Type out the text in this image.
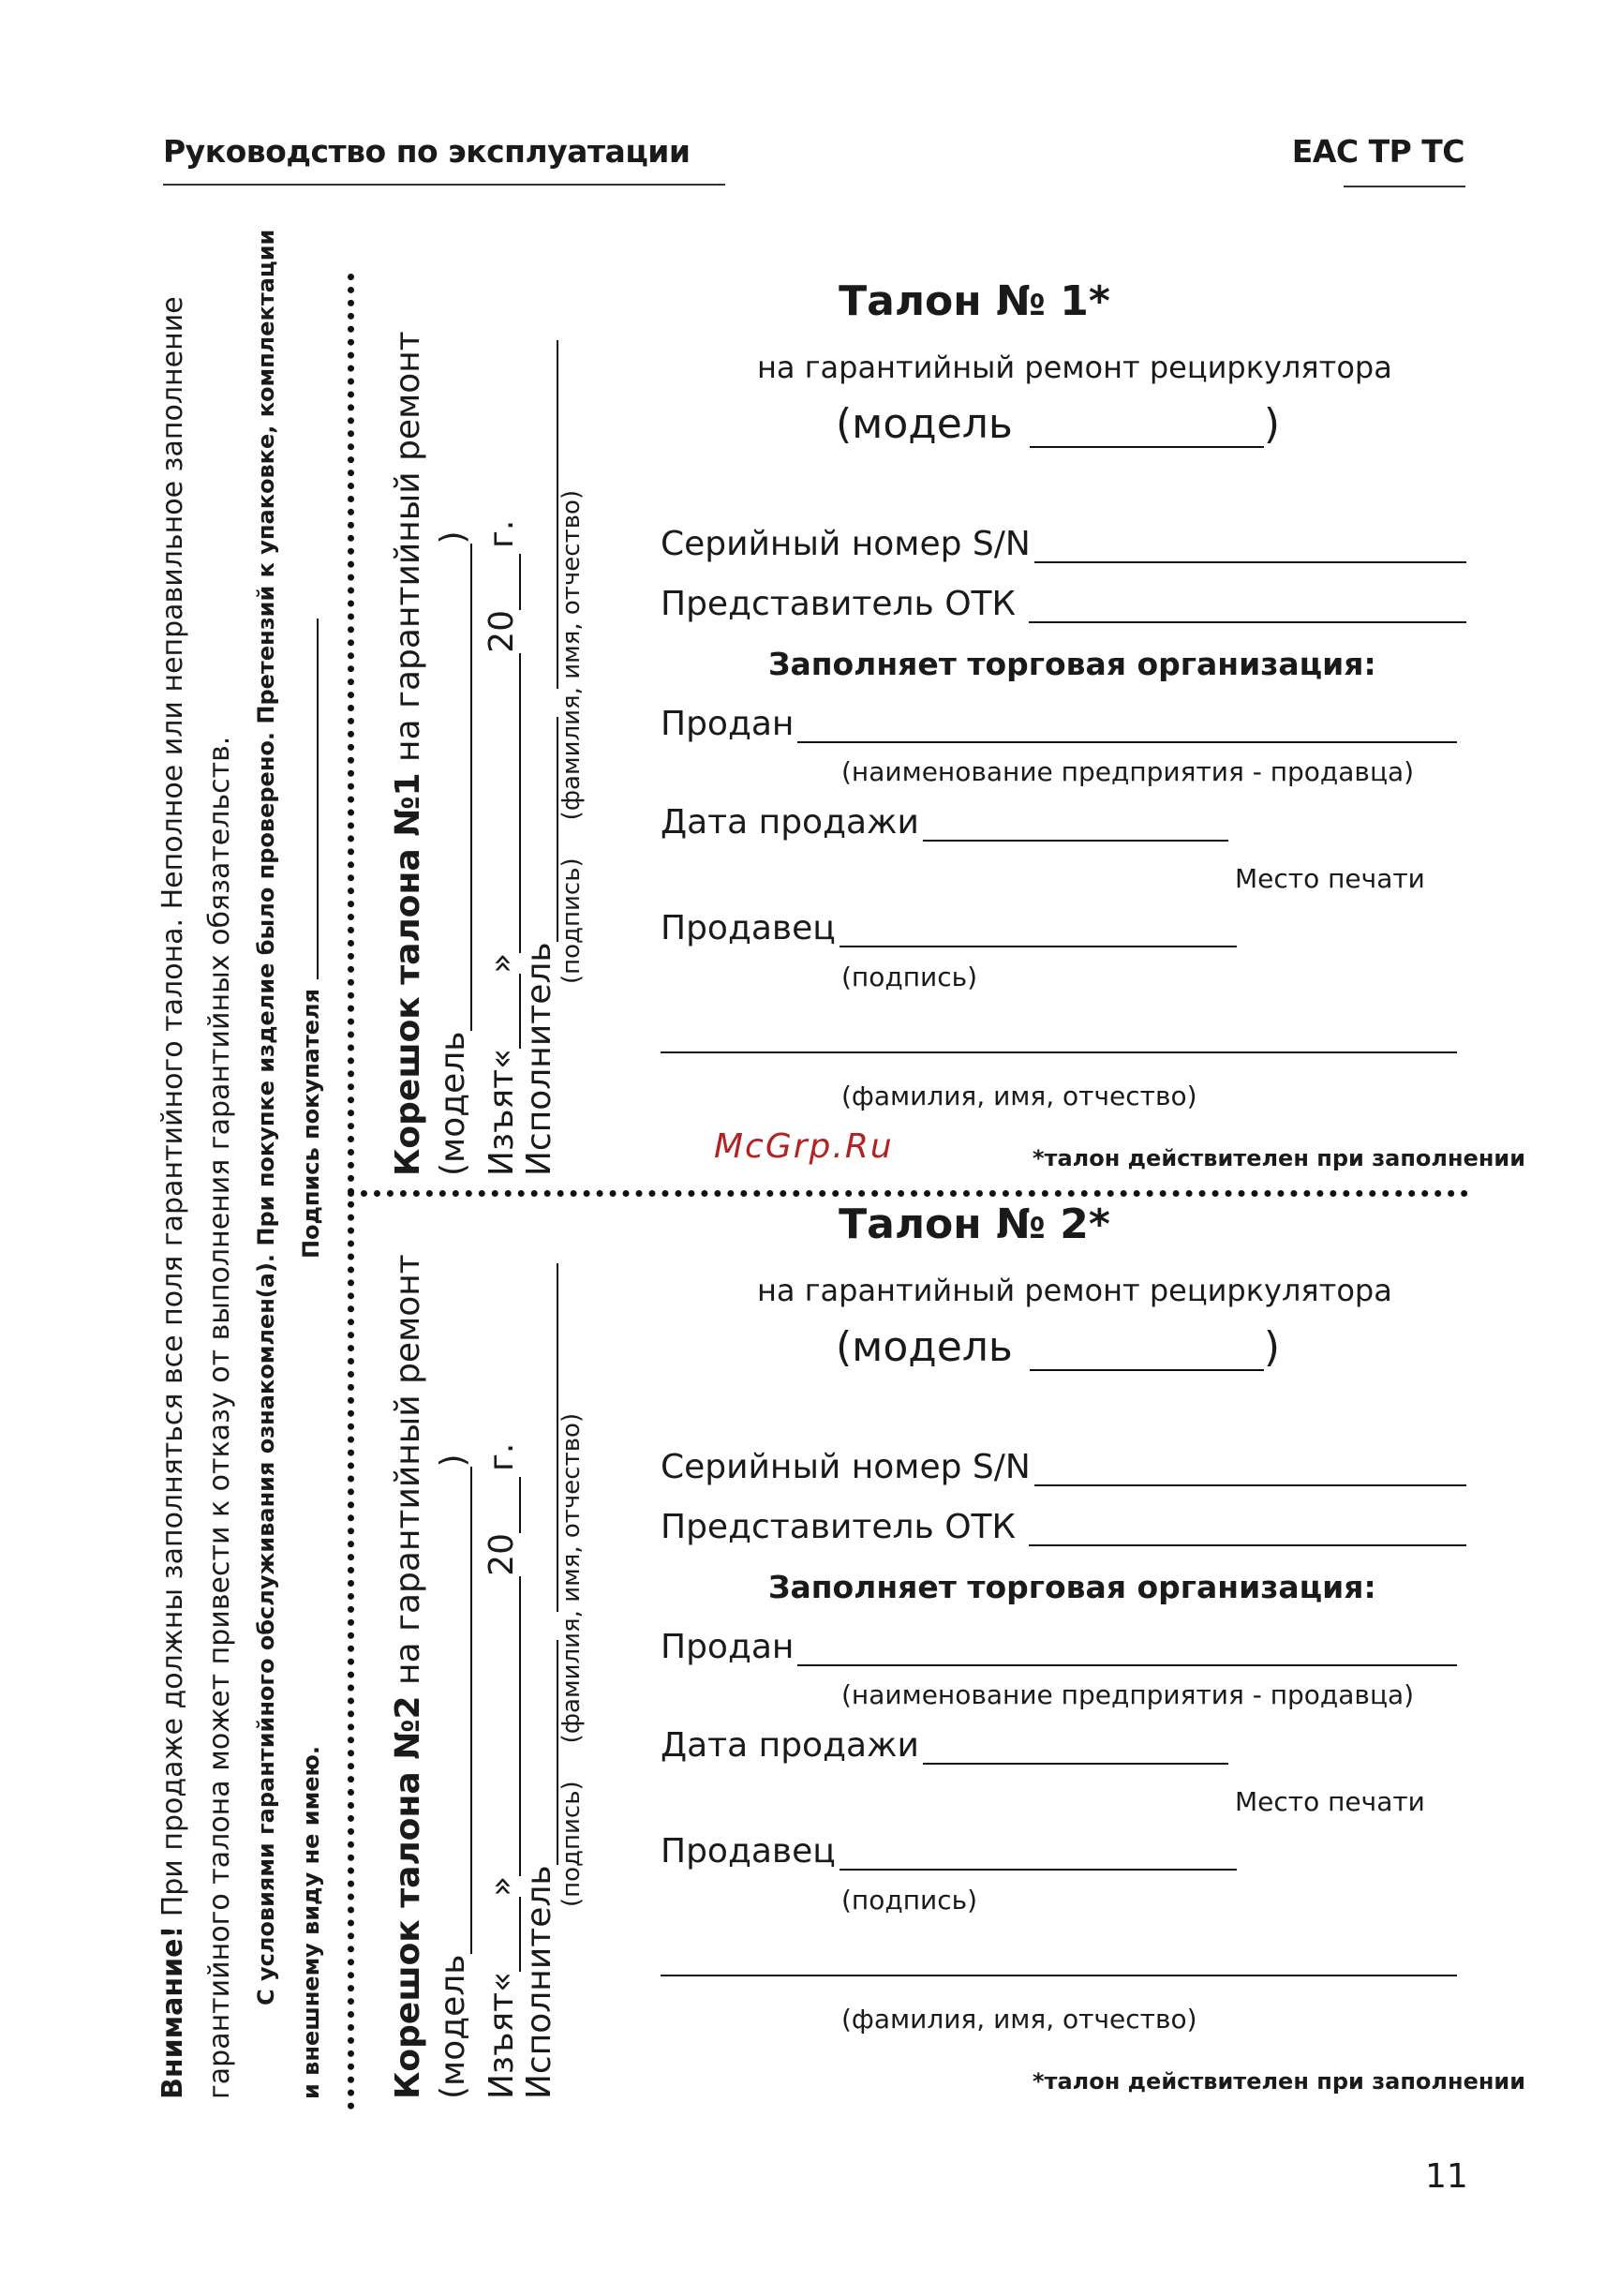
Руководство по эксплуатации	ЕАС ТР ТС
Внимание! При продаже должны заполняться все поля гарантийного талона. Неполное или неправильное заполнение гарантийного талона может привести к отказу от выполнения гарантийных обязательств. С условиями гарантийного обслуживания ознакомлен(а). При покупке изделие было проверено. Претензий к упаковке, комплектации и внешнему виду не имею.
Подпись покупателя Корешок талона №1 на гарантийный ремонт
(модель
)
Изъят«
»
20
г.
Исполнитель
(подпись)
(фамилия, имя, отчество)
Корешок талона №2 на гарантийный ремонт
(модель
)
Изъят«
»
20
г.
Исполнитель
(подпись)
(фамилия, имя, отчество)
Талон № 1*
на гарантийный ремонт рециркулятора
(модель	)
Серийный номер S/N
Представитель ОТК
Заполняет торговая организация:
Продан
(наименование предприятия - продавца)
Дата продажи
Место печати
Продавец
(подпись)
(фамилия, имя, отчество)
McGrp.Ru	*талон действителен при заполнении
Талон № 2*
на гарантийный ремонт рециркулятора
(модель	)
Серийный номер S/N
Представитель ОТК
Заполняет торговая организация:
Продан
(наименование предприятия - продавца)
Дата продажи
Место печати
Продавец
(подпись)
(фамилия, имя, отчество)
*талон действителен при заполнении
11
